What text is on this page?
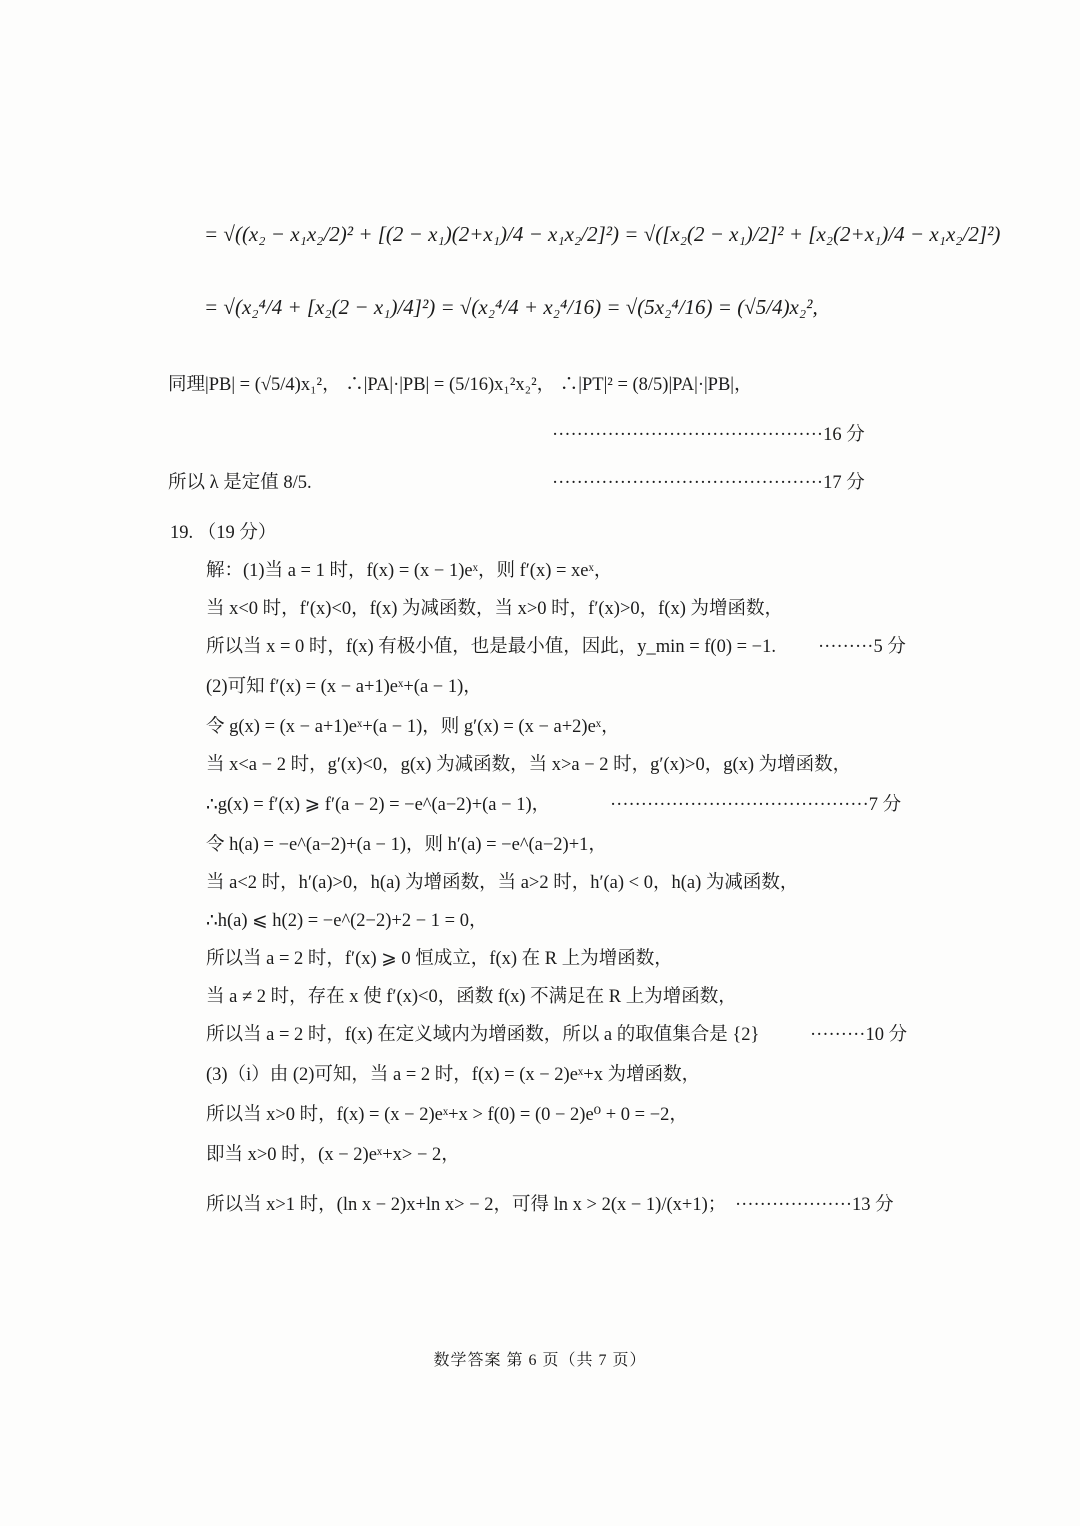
= √((x₂ − x₁x₂/2)² + [(2 − x₁)(2+x₁)/4 − x₁x₂/2]²) = √([x₂(2 − x₁)/2]² + [x₂(2+x₁)/4 − x₁x₂/2]²)
= √(x₂⁴/4 + [x₂(2 − x₁)/4]²) = √(x₂⁴/4 + x₂⁴/16) = √(5x₂⁴/16) = (√5/4)x₂²,
同理|PB| = (√5/4)x₁²， ∴|PA|·|PB| = (5/16)x₁²x₂²， ∴|PT|² = (8/5)|PA|·|PB|，
············································16 分
所以 λ 是定值 8/5.	············································17 分
19. （19 分）
解：(1)当 a = 1 时，f(x) = (x − 1)eˣ，则 f′(x) = xeˣ，
当 x<0 时，f′(x)<0，f(x) 为减函数，当 x>0 时，f′(x)>0，f(x) 为增函数，
所以当 x = 0 时，f(x) 有极小值，也是最小值，因此，y_min = f(0) = −1. ·········5 分
(2)可知 f′(x) = (x − a+1)eˣ+(a − 1)，
令 g(x) = (x − a+1)eˣ+(a − 1)，则 g′(x) = (x − a+2)eˣ，
当 x<a − 2 时，g′(x)<0，g(x) 为减函数，当 x>a − 2 时，g′(x)>0，g(x) 为增函数，
∴g(x) = f′(x) ⩾ f′(a − 2) = −e^(a−2)+(a − 1)，	··········································7 分
令 h(a) = −e^(a−2)+(a − 1)，则 h′(a) = −e^(a−2)+1，
当 a<2 时，h′(a)>0，h(a) 为增函数，当 a>2 时，h′(a) < 0，h(a) 为减函数，
∴h(a) ⩽ h(2) = −e^(2−2)+2 − 1 = 0，
所以当 a = 2 时，f′(x) ⩾ 0 恒成立，f(x) 在 R 上为增函数，
当 a ≠ 2 时，存在 x 使 f′(x)<0，函数 f(x) 不满足在 R 上为增函数，
所以当 a = 2 时，f(x) 在定义域内为增函数，所以 a 的取值集合是 {2}	·········10 分
(3)（i）由 (2)可知，当 a = 2 时，f(x) = (x − 2)eˣ+x 为增函数，
所以当 x>0 时，f(x) = (x − 2)eˣ+x > f(0) = (0 − 2)e⁰ + 0 = −2，
即当 x>0 时，(x − 2)eˣ+x> − 2，
所以当 x>1 时，(ln x − 2)x+ln x> − 2，可得 ln x > 2(x − 1)/(x+1)； ···················13 分
数学答案 第 6 页（共 7 页）
